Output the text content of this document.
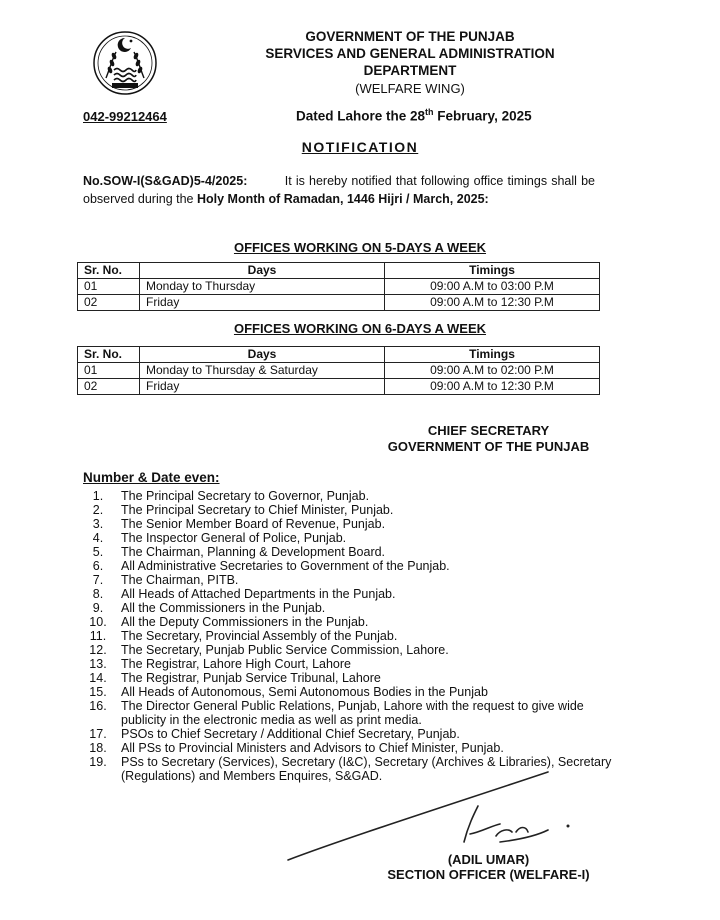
GOVERNMENT OF THE PUNJAB
SERVICES AND GENERAL ADMINISTRATION
DEPARTMENT
(WELFARE WING)
042-99212464	Dated Lahore the 28th February, 2025
NOTIFICATION
No.SOW-I(S&GAD)5-4/2025:	It is hereby notified that following office timings shall be observed during the Holy Month of Ramadan, 1446 Hijri / March, 2025:
OFFICES WORKING ON 5-DAYS A WEEK
Sr. No.	Days	Timings
01	Monday to Thursday	09:00 A.M to 03:00 P.M
02	Friday	09:00 A.M to 12:30 P.M
OFFICES WORKING ON 6-DAYS A WEEK
Sr. No.	Days	Timings
01	Monday to Thursday & Saturday	09:00 A.M to 02:00 P.M
02	Friday	09:00 A.M to 12:30 P.M
CHIEF SECRETARY
GOVERNMENT OF THE PUNJAB
Number & Date even:
1.	The Principal Secretary to Governor, Punjab.
2.	The Principal Secretary to Chief Minister, Punjab.
3.	The Senior Member Board of Revenue, Punjab.
4.	The Inspector General of Police, Punjab.
5.	The Chairman, Planning & Development Board.
6.	All Administrative Secretaries to Government of the Punjab.
7.	The Chairman, PITB.
8.	All Heads of Attached Departments in the Punjab.
9.	All the Commissioners in the Punjab.
10.	All the Deputy Commissioners in the Punjab.
11.	The Secretary, Provincial Assembly of the Punjab.
12.	The Secretary, Punjab Public Service Commission, Lahore.
13.	The Registrar, Lahore High Court, Lahore
14.	The Registrar, Punjab Service Tribunal, Lahore
15.	All Heads of Autonomous, Semi Autonomous Bodies in the Punjab
16.	The Director General Public Relations, Punjab, Lahore with the request to give wide publicity in the electronic media as well as print media.
17.	PSOs to Chief Secretary / Additional Chief Secretary, Punjab.
18.	All PSs to Provincial Ministers and Advisors to Chief Minister, Punjab.
19.	PSs to Secretary (Services), Secretary (I&C), Secretary (Archives & Libraries), Secretary (Regulations) and Members Enquires, S&GAD.
(ADIL UMAR)
SECTION OFFICER (WELFARE-I)
